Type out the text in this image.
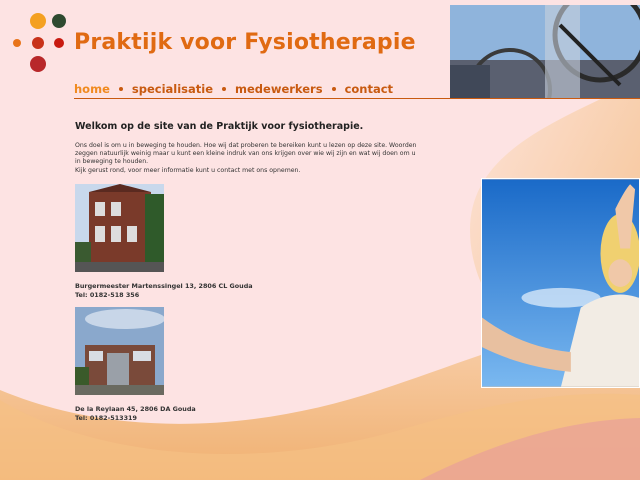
Praktijk voor Fysiotherapie
home specialisatie medewerkers contact
Welkom op de site van de Praktijk voor fysiotherapie.

Ons doel is om u in beweging te houden. Hoe wij dat proberen te bereiken kunt u lezen op deze site. Woorden zeggen natuurlijk weinig maar u kunt een kleine indruk van ons krijgen over wie wij zijn en wat wij doen om u in beweging te houden.

Kijk gerust rond, voor meer informatie kunt u contact met ons opnemen.

Burgermeester Martenssingel 13, 2806 CL Gouda
Tel: 0182-518 356
De la Reylaan 45, 2806 DA Gouda
Tel: 0182-513319
